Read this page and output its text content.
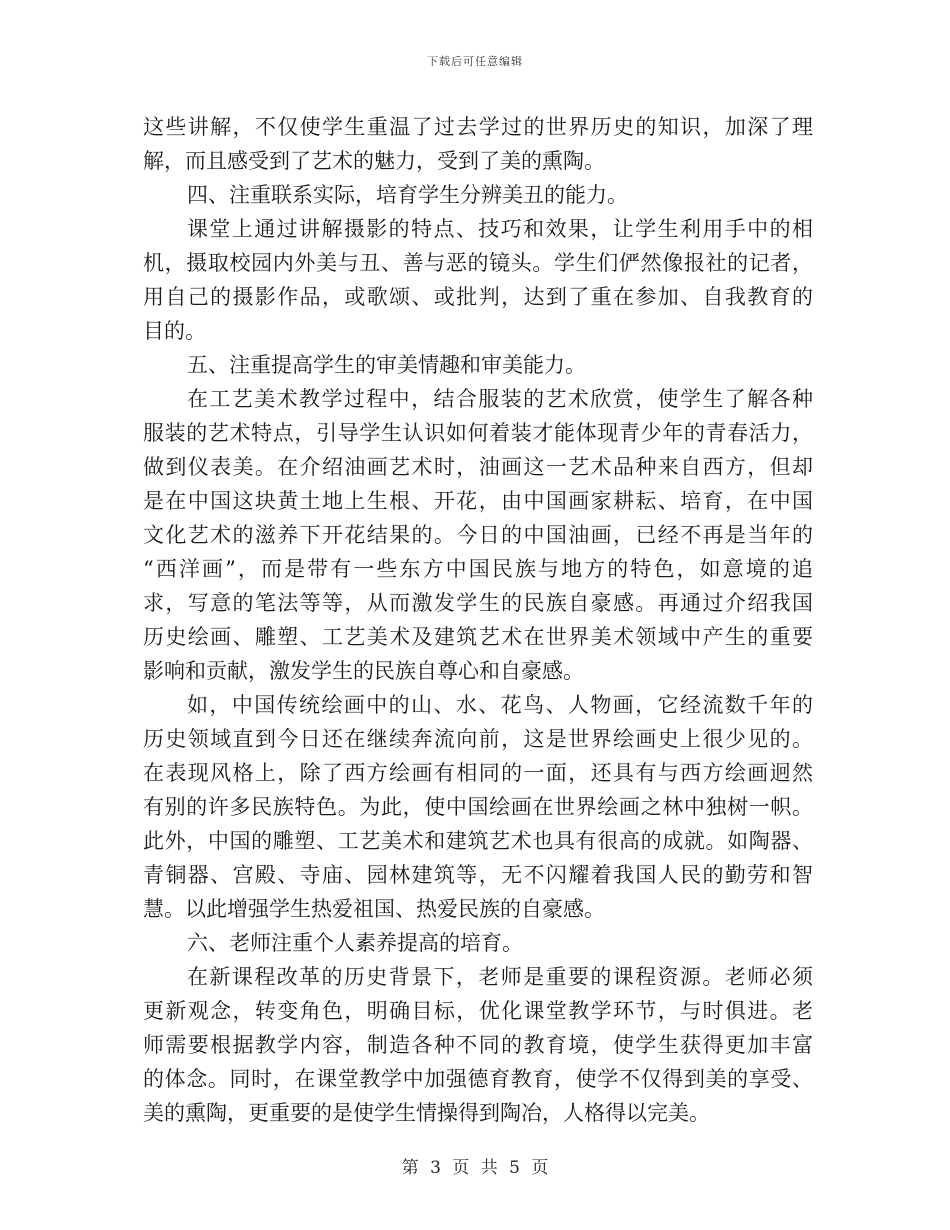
下载后可任意编辑
这些讲解，不仅使学生重温了过去学过的世界历史的知识，加深了理
解，而且感受到了艺术的魅力，受到了美的熏陶。
四、注重联系实际，培育学生分辨美丑的能力。
课堂上通过讲解摄影的特点、技巧和效果，让学生利用手中的相
机，摄取校园内外美与丑、善与恶的镜头。学生们俨然像报社的记者，
用自己的摄影作品，或歌颂、或批判，达到了重在参加、自我教育的
目的。
五、注重提高学生的审美情趣和审美能力。
在工艺美术教学过程中，结合服装的艺术欣赏，使学生了解各种
服装的艺术特点，引导学生认识如何着装才能体现青少年的青春活力，
做到仪表美。在介绍油画艺术时，油画这一艺术品种来自西方，但却
是在中国这块黄土地上生根、开花，由中国画家耕耘、培育，在中国
文化艺术的滋养下开花结果的。今日的中国油画，已经不再是当年的
“西洋画”，而是带有一些东方中国民族与地方的特色，如意境的追
求，写意的笔法等等，从而激发学生的民族自豪感。再通过介绍我国
历史绘画、雕塑、工艺美术及建筑艺术在世界美术领域中产生的重要
影响和贡献，激发学生的民族自尊心和自豪感。
如，中国传统绘画中的山、水、花鸟、人物画，它经流数千年的
历史领域直到今日还在继续奔流向前，这是世界绘画史上很少见的。
在表现风格上，除了西方绘画有相同的一面，还具有与西方绘画迥然
有别的许多民族特色。为此，使中国绘画在世界绘画之林中独树一帜。
此外，中国的雕塑、工艺美术和建筑艺术也具有很高的成就。如陶器、
青铜器、宫殿、寺庙、园林建筑等，无不闪耀着我国人民的勤劳和智
慧。以此增强学生热爱祖国、热爱民族的自豪感。
六、老师注重个人素养提高的培育。
在新课程改革的历史背景下，老师是重要的课程资源。老师必须
更新观念，转变角色，明确目标，优化课堂教学环节，与时俱进。老
师需要根据教学内容，制造各种不同的教育境，使学生获得更加丰富
的体念。同时，在课堂教学中加强德育教育，使学不仅得到美的享受、
美的熏陶，更重要的是使学生情操得到陶冶，人格得以完美。
第 3 页 共 5 页
